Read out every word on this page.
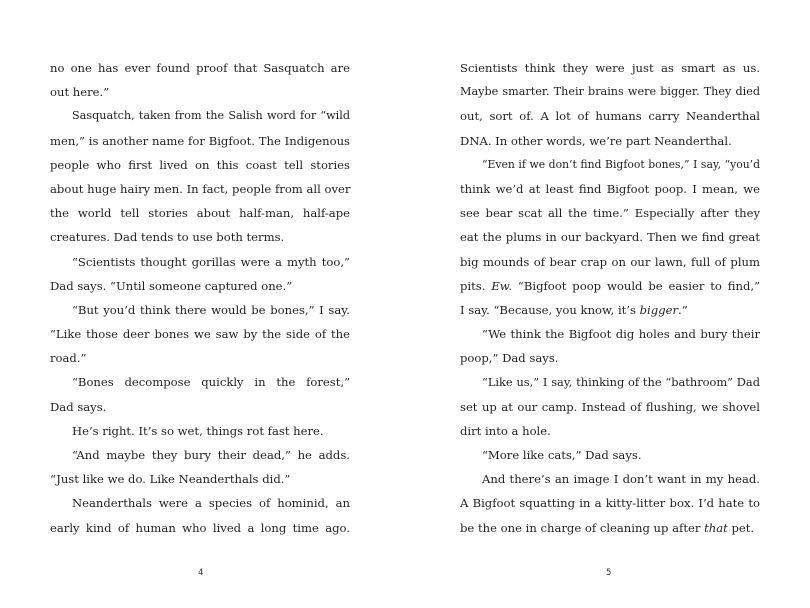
no one has ever found proof that Sasquatch are
out here.”
Sasquatch, taken from the Salish word for “wild
men,” is another name for Bigfoot. The Indigenous
people who first lived on this coast tell stories
about huge hairy men. In fact, people from all over
the world tell stories about half-man, half-ape
creatures. Dad tends to use both terms.
“Scientists thought gorillas were a myth too,”
Dad says. “Until someone captured one.”
“But you’d think there would be bones,” I say.
“Like those deer bones we saw by the side of the
road.”
“Bones decompose quickly in the forest,”
Dad says.
He’s right. It’s so wet, things rot fast here.
“And maybe they bury their dead,” he adds.
“Just like we do. Like Neanderthals did.”
Neanderthals were a species of hominid, an
early kind of human who lived a long time ago.
Scientists think they were just as smart as us.
Maybe smarter. Their brains were bigger. They died
out, sort of. A lot of humans carry Neanderthal
DNA. In other words, we’re part Neanderthal.
“Even if we don’t find Bigfoot bones,” I say, “you’d
think we’d at least find Bigfoot poop. I mean, we
see bear scat all the time.” Especially after they
eat the plums in our backyard. Then we find great
big mounds of bear crap on our lawn, full of plum
pits. Ew. “Bigfoot poop would be easier to find,”
I say. “Because, you know, it’s bigger.”
“We think the Bigfoot dig holes and bury their
poop,” Dad says.
“Like us,” I say, thinking of the “bathroom” Dad
set up at our camp. Instead of flushing, we shovel
dirt into a hole.
“More like cats,” Dad says.
And there’s an image I don’t want in my head.
A Bigfoot squatting in a kitty-litter box. I’d hate to
be the one in charge of cleaning up after that pet.
4	5
